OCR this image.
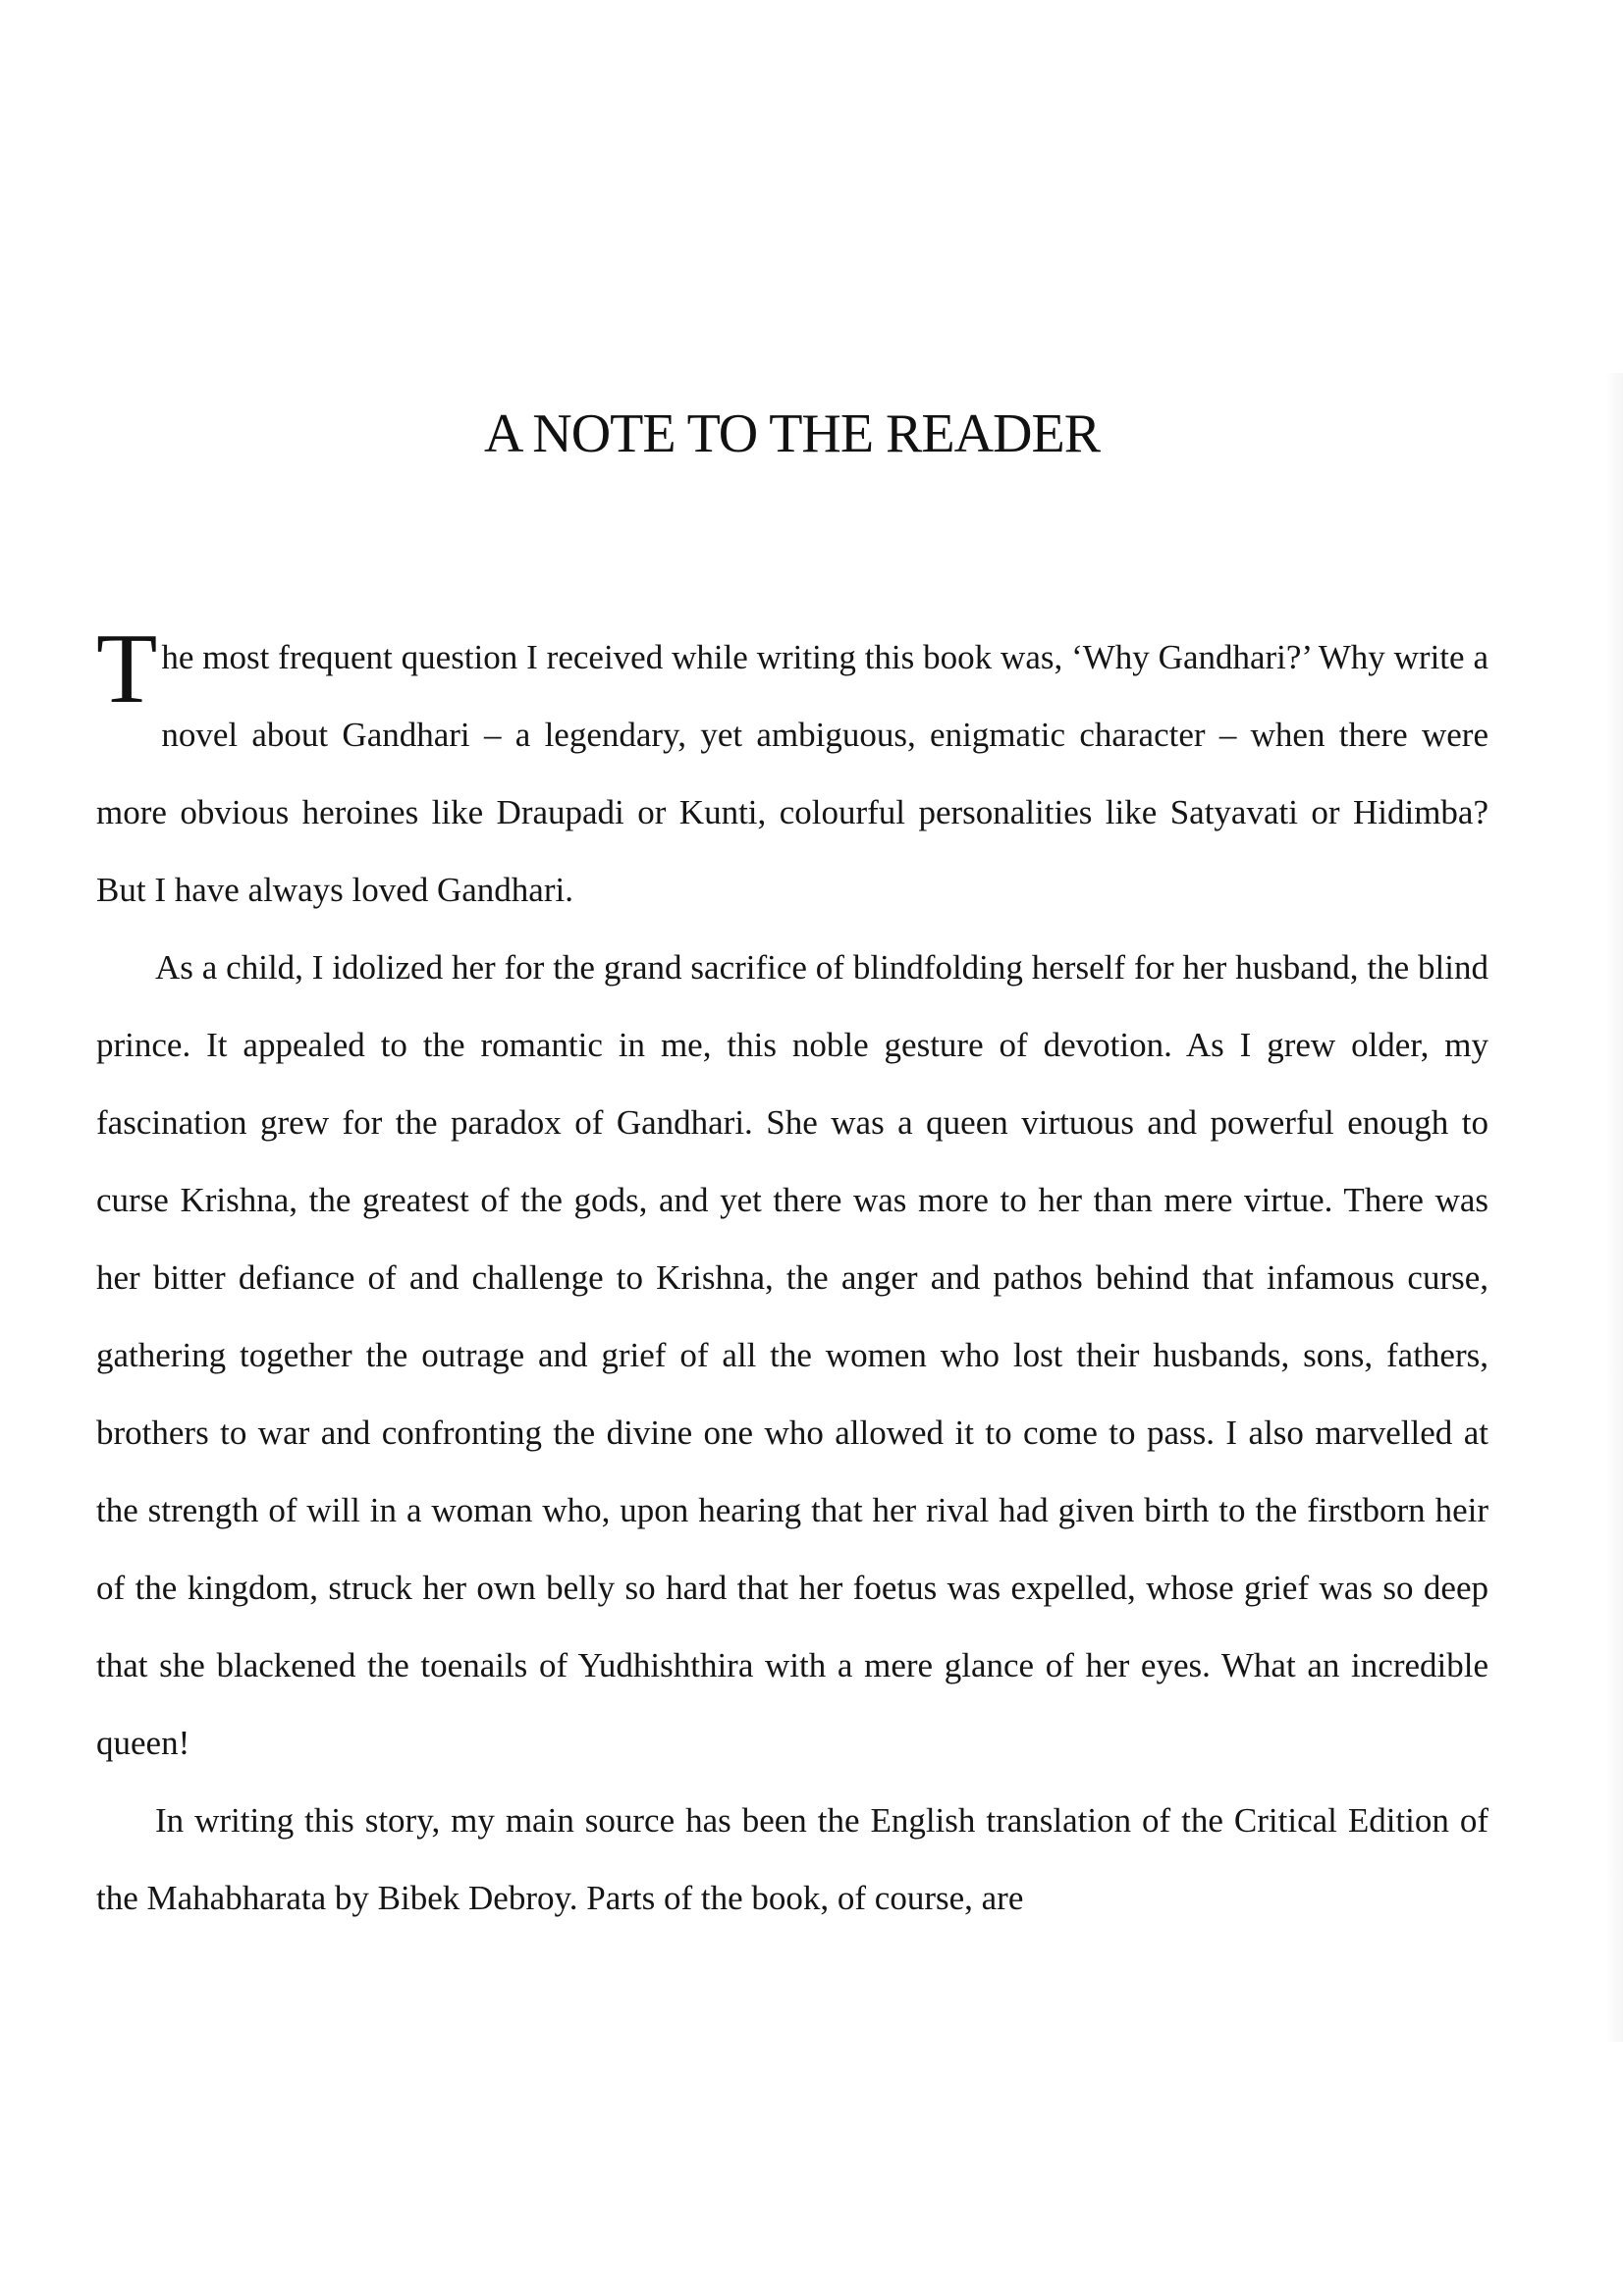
A NOTE TO THE READER

The most frequent question I received while writing this book was, ‘Why Gandhari?’ Why write a novel about Gandhari – a legendary, yet ambiguous, enigmatic character – when there were more obvious heroines like Draupadi or Kunti, colourful personalities like Satyavati or Hidimba? But I have always loved Gandhari.

As a child, I idolized her for the grand sacrifice of blindfolding herself for her husband, the blind prince. It appealed to the romantic in me, this noble gesture of devotion. As I grew older, my fascination grew for the paradox of Gandhari. She was a queen virtuous and powerful enough to curse Krishna, the greatest of the gods, and yet there was more to her than mere virtue. There was her bitter defiance of and challenge to Krishna, the anger and pathos behind that infamous curse, gathering together the outrage and grief of all the women who lost their husbands, sons, fathers, brothers to war and confronting the divine one who allowed it to come to pass. I also marvelled at the strength of will in a woman who, upon hearing that her rival had given birth to the firstborn heir of the kingdom, struck her own belly so hard that her foetus was expelled, whose grief was so deep that she blackened the toenails of Yudhishthira with a mere glance of her eyes. What an incredible queen!

In writing this story, my main source has been the English translation of the Critical Edition of the Mahabharata by Bibek Debroy. Parts of the book, of course, are
